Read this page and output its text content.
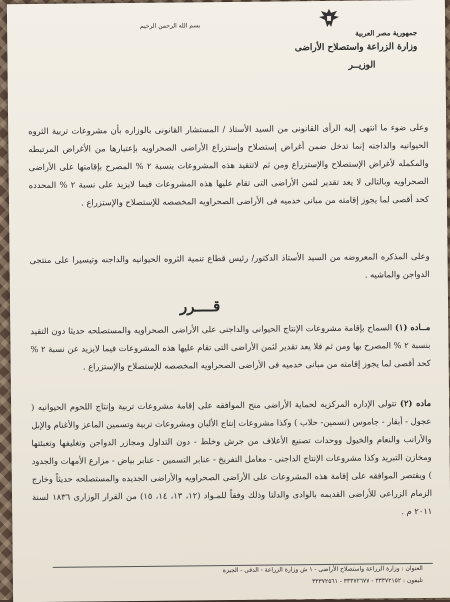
بسم الله الرحمن الرحيم
جمهورية مصر العربية
وزارة الزراعة واستصلاح الأراضى
الوزيــر
وعلى ضوء ما انتهى إليه الرأى القانونى من السيد الأستاذ / المستشار القانونى بالوزاره بأن مشروعات تربية الثروه الحيوانيه والداجنه إنما تدخل ضمن أغراض إستصلاح وإستزراع الأراضى الصحراويه بإعتبارها من الأغراض المرتبطه والمكمله لأغراض الإستصلاح والإستزراع ومن ثم لاتتقيد هذه المشروعات بنسبة ٢ % المصرح بإقامتها على الأراضى الصحراويه وبالتالى لا يعد تقدير لثمن الأراضى التى تقام عليها هذه المشروعات فيما لايزيد على نسبة ٢ % المحدده كحد أقصى لما يجوز إقامته من مبانى خدميه فى الأراضى الصحراويه المخصصه للإستصلاح والإستزراع .
وعلى المذكره المعروضه من السيد الأستاذ الدكتور/ رئيس قطاع تنمية الثروه الحيوانيه والداجنه وتيسيرا على منتجى الدواجن والماشيه .
قــــرر
مــاده (١) السماح بإقامة مشروعات الإنتاج الحيوانى والداجنى على الأراضى الصحراويه والمستصلحه حديثا دون التقيد بنسبة ٢ % المصرح بها ومن ثم فلا يعد تقدير لثمن الأراضى التى تقام عليها هذه المشروعات فيما لايزيد عن نسبة ٢ % كحد أقصى لما يجوز إقامته من مبانى خدميه فى الأراضى الصحراويه المخصصه للإستصلاح والإستزراع .
ماده (٢) تتولى الإداره المركزيه لحماية الأراضى منح الموافقه على إقامة مشروعات تربية وإنتاج اللحوم الحيوانيه ( عجول - أبقار - جاموس (تسمين- حلاب ) وكذا مشروعات إنتاج الألبان ومشروعات تربية وتسمين الماعز والأغنام والإبل والأرانب والنعام والخيول ووحدات تصنيع الأعلاف من جرش وخلط - دون التداول ومجازر الدواجن وتغليفها وتعبئتها ومخازن التبريد وكذا مشروعات الإنتاج الداجنى - معامل التفريخ - عنابر التسمين - عنابر بياض - مزارع الأمهات والجدود ) ويقتصر الموافقه على إقامة هذه المشروعات على الأراضى الصحراويه والأراضى الجديده والمستصلحه حديثاً وخارج الزمام الزراعى للأراضى القديمه بالوادى والدلتا وذلك وفقاً للمـواد (١٢، ١٣، ١٤، ١٥) من القرار الوزارى ١٨٣٦ لسنة ٢٠١١ م .
العنوان : وزارة الزراعة واستصلاح الأراضى - ١ ش وزارة الزراعة - الدقى - الجيزة
تليفون : ٣٣٣٧٢١٥٢ - ٣٣٣٧٢٦٧٧ - ٣٣٣٧٢٥٦١
